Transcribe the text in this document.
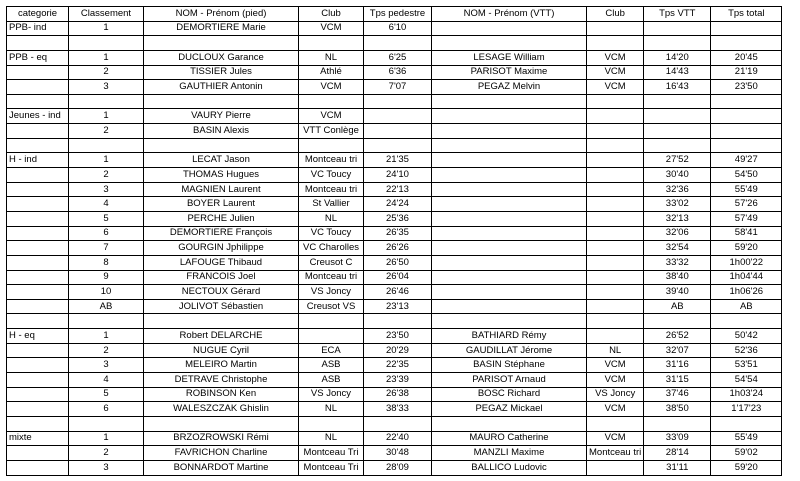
categorie	Classement	NOM - Prénom (pied)	Club	Tps pedestre	NOM - Prénom (VTT)	Club	Tps VTT	Tps total
PPB- ind	1	DEMORTIERE Marie	VCM	6'10				

PPB - eq	1	DUCLOUX Garance	NL	6'25	LESAGE William	VCM	14'20	20'45
	2	TISSIER Jules	Athlé	6'36	PARISOT Maxime	VCM	14'43	21'19
	3	GAUTHIER Antonin	VCM	7'07	PEGAZ Melvin	VCM	16'43	23'50

Jeunes - ind	1	VAURY Pierre	VCM					
	2	BASIN Alexis	VTT Conlège					

H - ind	1	LECAT Jason	Montceau tri	21'35			27'52	49'27
	2	THOMAS Hugues	VC Toucy	24'10			30'40	54'50
	3	MAGNIEN Laurent	Montceau tri	22'13			32'36	55'49
	4	BOYER Laurent	St Vallier	24'24			33'02	57'26
	5	PERCHE Julien	NL	25'36			32'13	57'49
	6	DEMORTIERE François	VC Toucy	26'35			32'06	58'41
	7	GOURGIN Jphilippe	VC Charolles	26'26			32'54	59'20
	8	LAFOUGE Thibaud	Creusot C	26'50			33'32	1h00'22
	9	FRANCOIS Joel	Montceau tri	26'04			38'40	1h04'44
	10	NECTOUX Gérard	VS Joncy	26'46			39'40	1h06'26
	AB	JOLIVOT Sébastien	Creusot VS	23'13			AB	AB

H - eq	1	Robert DELARCHE		23'50	BATHIARD Rémy		26'52	50'42
	2	NUGUE Cyril	ECA	20'29	GAUDILLAT Jérome	NL	32'07	52'36
	3	MELEIRO Martin	ASB	22'35	BASIN Stéphane	VCM	31'16	53'51
	4	DETRAVE Christophe	ASB	23'39	PARISOT Arnaud	VCM	31'15	54'54
	5	ROBINSON Ken	VS Joncy	26'38	BOSC Richard	VS Joncy	37'46	1h03'24
	6	WALESZCZAK Ghislin	NL	38'33	PEGAZ Mickael	VCM	38'50	1'17'23

mixte	1	BRZOZROWSKI Rémi	NL	22'40	MAURO Catherine	VCM	33'09	55'49
	2	FAVRICHON Charline	Montceau Tri	30'48	MANZLI Maxime	Montceau tri	28'14	59'02
	3	BONNARDOT Martine	Montceau Tri	28'09	BALLICO Ludovic		31'11	59'20
